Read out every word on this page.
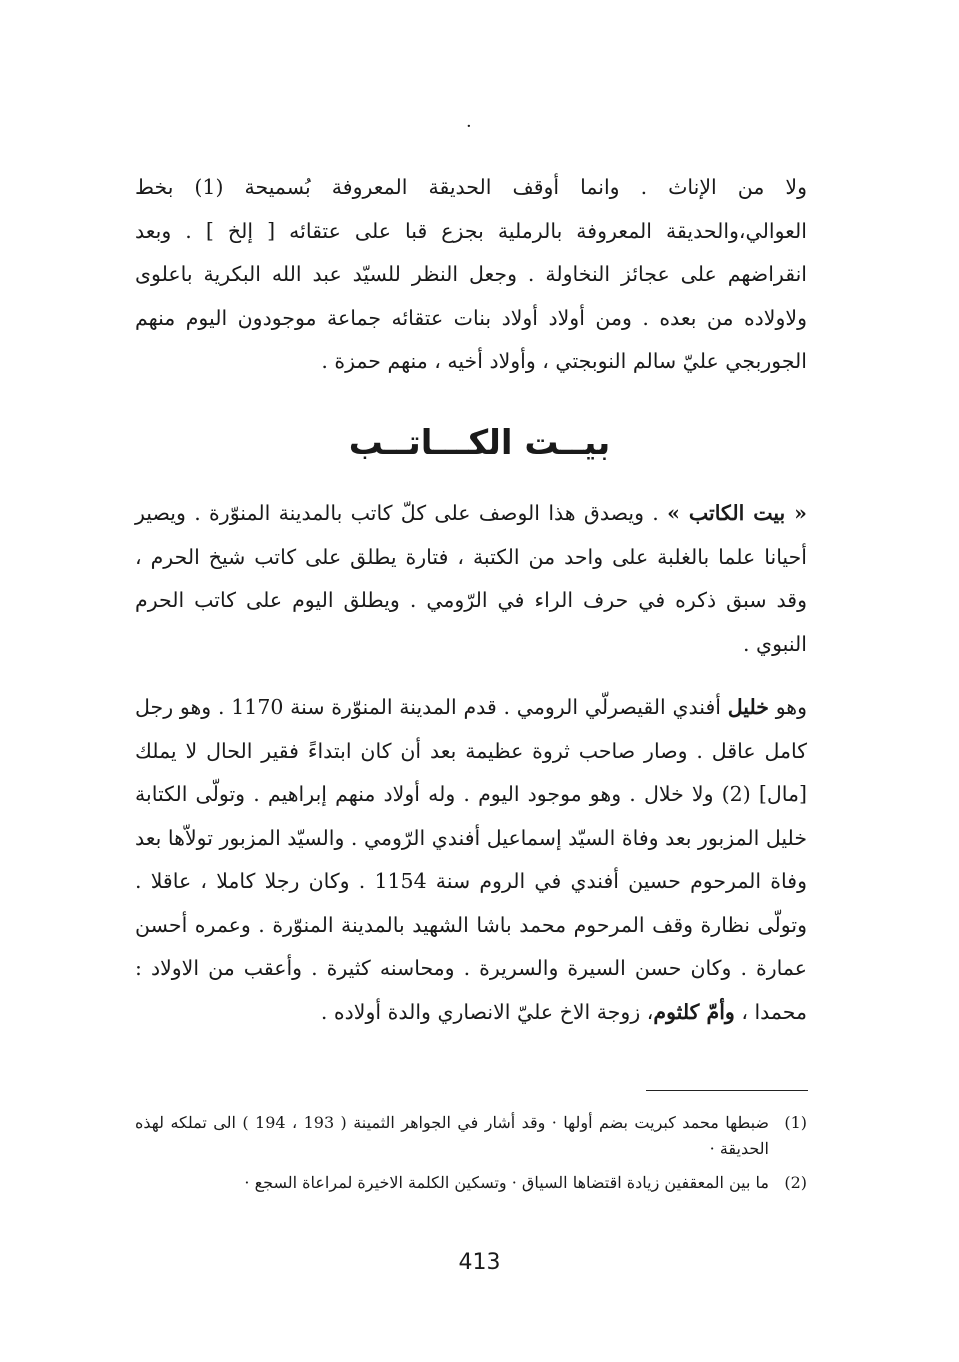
·
ولا من الإناث . وانما أوقف الحديقة المعروفة بُسميحة (1) بخط العوالي،والحديقة المعروفة بالرملية بجزع قبا على عتقائه [ إلخ ] . وبعد انقراضهم على عجائز النخاولة . وجعل النظر للسيّد عبد الله البكرية باعلوى ولاولاده من بعده . ومن أولاد أولاد بنات عتقائه جماعة موجودون اليوم منهم الجوربجي عليّ سالم النوبجتي ، وأولاد أخيه ، منهم حمزة .
بيــت الكـــاتــب
« بيت الكاتب » . ويصدق هذا الوصف على كلّ كاتب بالمدينة المنوّرة . ويصير أحيانا علما بالغلبة على واحد من الكتبة ، فتارة يطلق على كاتب شيخ الحرم ، وقد سبق ذكره في حرف الراء في الرّومي . ويطلق اليوم على كاتب الحرم النبوي .
وهو خليل أفندي القيصرلّي الرومي . قدم المدينة المنوّرة سنة 1170 . وهو رجل كامل عاقل . وصار صاحب ثروة عظيمة بعد أن كان ابتداءً فقير الحال لا يملك [مال] (2) ولا خلال . وهو موجود اليوم . وله أولاد منهم إبراهيم . وتولّى الكتابة خليل المزبور بعد وفاة السيّد إسماعيل أفندي الرّومي . والسيّد المزبور تولاّها بعد وفاة المرحوم حسين أفندي في الروم سنة 1154 . وكان رجلا كاملا ، عاقلا . وتولّى نظارة وقف المرحوم محمد باشا الشهيد بالمدينة المنوّرة . وعمره أحسن عمارة . وكان حسن السيرة والسريرة . ومحاسنه كثيرة . وأعقب من الاولاد : محمدا ، وأمّ كلثوم، زوجة الاخ عليّ الانصاري والدة أولاده .
(1)
ضبطها محمد كبريت بضم أولها · وقد أشار في الجواهر الثمينة ( 193 ، 194 ) الى تملكه لهذه الحديقة ·
(2)
ما بين المعقفين زيادة اقتضاها السياق · وتسكين الكلمة الاخيرة لمراعاة السجع ·
413
